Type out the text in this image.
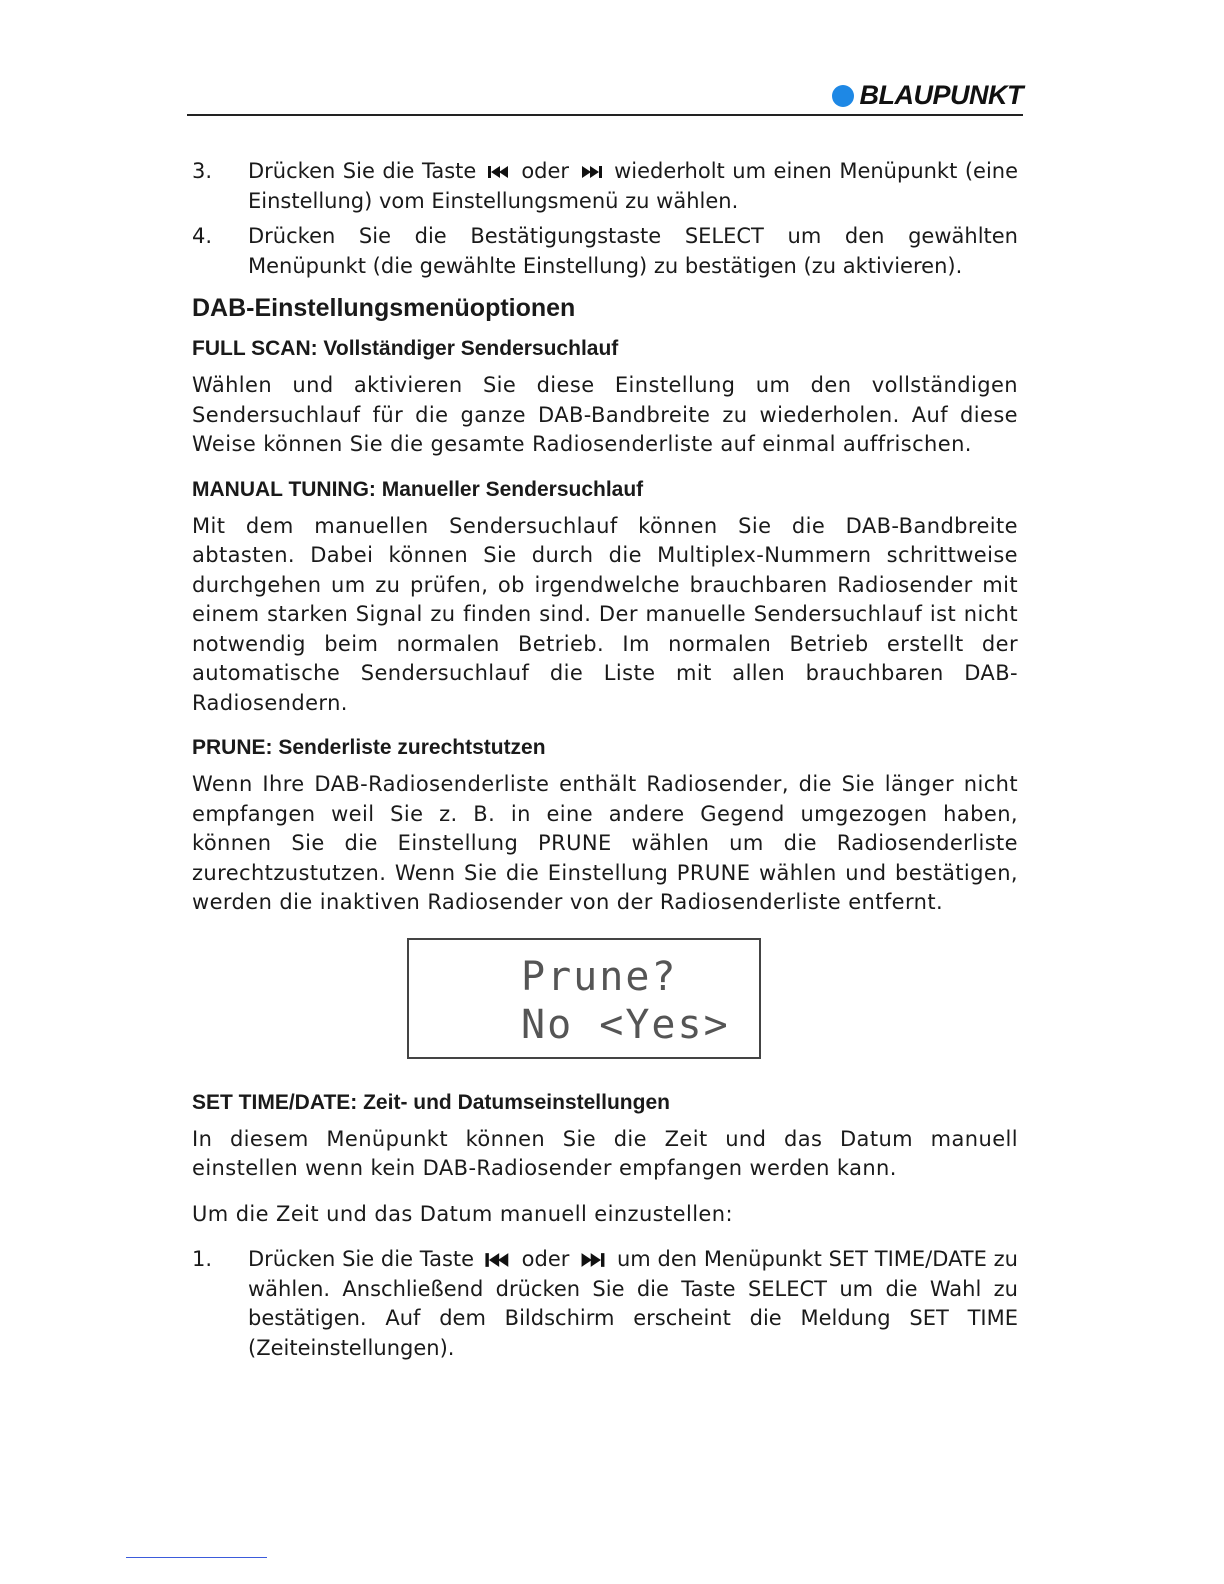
BLAUPUNKT
3.	Drücken Sie die Taste oder wiederholt um einen Menüpunkt (eine Einstellung) vom Einstellungsmenü zu wählen.
4.	Drücken Sie die Bestätigungstaste SELECT um den gewählten Menüpunkt (die gewählte Einstellung) zu bestätigen (zu aktivieren).
DAB-Einstellungsmenüoptionen
FULL SCAN: Vollständiger Sendersuchlauf

Wählen und aktivieren Sie diese Einstellung um den vollständigen Sendersuchlauf für die ganze DAB-Bandbreite zu wiederholen. Auf diese Weise können Sie die gesamte Radiosenderliste auf einmal auffrischen.

MANUAL TUNING: Manueller Sendersuchlauf

Mit dem manuellen Sendersuchlauf können Sie die DAB-Bandbreite abtasten. Dabei können Sie durch die Multiplex-Nummern schrittweise durchgehen um zu prüfen, ob irgendwelche brauchbaren Radiosender mit einem starken Signal zu finden sind. Der manuelle Sendersuchlauf ist nicht notwendig beim normalen Betrieb. Im normalen Betrieb erstellt der automatische Sendersuchlauf die Liste mit allen brauchbaren DAB-Radiosendern.

PRUNE: Senderliste zurechtstutzen

Wenn Ihre DAB-Radiosenderliste enthält Radiosender, die Sie länger nicht empfangen weil Sie z. B. in eine andere Gegend umgezogen haben, können Sie die Einstellung PRUNE wählen um die Radiosenderliste zurechtzustutzen. Wenn Sie die Einstellung PRUNE wählen und bestätigen, werden die inaktiven Radiosender von der Radiosenderliste entfernt.

Prune?
No <Yes>
SET TIME/DATE: Zeit- und Datumseinstellungen

In diesem Menüpunkt können Sie die Zeit und das Datum manuell einstellen wenn kein DAB-Radiosender empfangen werden kann.

Um die Zeit und das Datum manuell einzustellen:

1.	Drücken Sie die Taste oder um den Menüpunkt SET TIME/DATE zu wählen. Anschließend drücken Sie die Taste SELECT um die Wahl zu bestätigen. Auf dem Bildschirm erscheint die Meldung SET TIME (Zeiteinstellungen).
